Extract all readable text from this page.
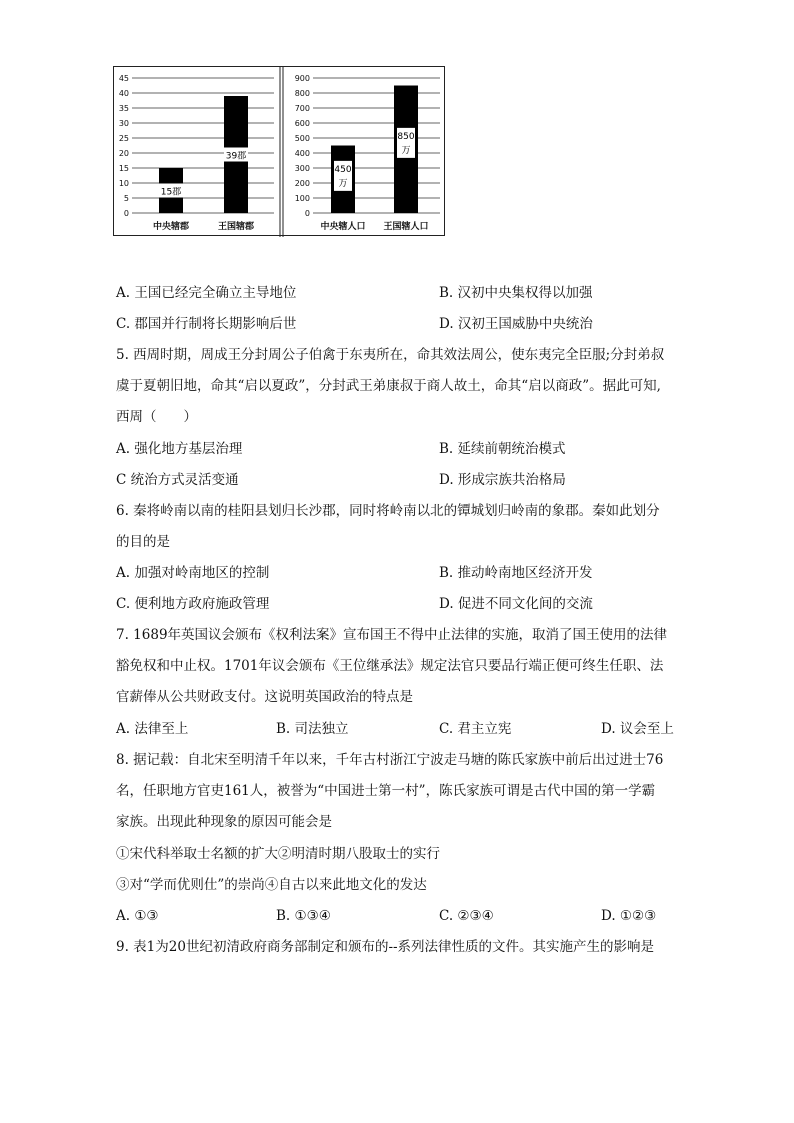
0
5
10
15
20
25
30
35
40
45
15郡
中央辖郡
39郡
王国辖郡
0
100
200
300
400
500
600
700
800
900
450
万
中央辖人口
850
万
王国辖人口
A. 王国已经完全确立主导地位	B. 汉初中央集权得以加强
C. 郡国并行制将长期影响后世	D. 汉初王国威胁中央统治
5. 西周时期，周成王分封周公子伯禽于东夷所在，命其效法周公，使东夷完全臣服;分封弟叔
虞于夏朝旧地，命其“启以夏政”，分封武王弟康叔于商人故土，命其“启以商政”。据此可知,
西周（　　）
A. 强化地方基层治理	B. 延续前朝统治模式
C 统治方式灵活变通	D. 形成宗族共治格局
6. 秦将岭南以南的桂阳县划归长沙郡，同时将岭南以北的镡城划归岭南的象郡。秦如此划分
的目的是
A. 加强对岭南地区的控制	B. 推动岭南地区经济开发
C. 便利地方政府施政管理	D. 促进不同文化间的交流
7. 1689年英国议会颁布《权利法案》宣布国王不得中止法律的实施，取消了国王使用的法律
豁免权和中止权。1701年议会颁布《王位继承法》规定法官只要品行端正便可终生任职、法
官薪俸从公共财政支付。这说明英国政治的特点是
A. 法律至上	B. 司法独立	C. 君主立宪	D. 议会至上
8. 据记载：自北宋至明清千年以来，千年古村浙江宁波走马塘的陈氏家族中前后出过进士76
名，任职地方官吏161人，被誉为“中国进士第一村”，陈氏家族可谓是古代中国的第一学霸
家族。出现此种现象的原因可能会是
①宋代科举取士名额的扩大②明清时期八股取士的实行
③对“学而优则仕”的崇尚④自古以来此地文化的发达
A. ①③	B. ①③④	C. ②③④	D. ①②③
9. 表1为20世纪初清政府商务部制定和颁布的--系列法律性质的文件。其实施产生的影响是
